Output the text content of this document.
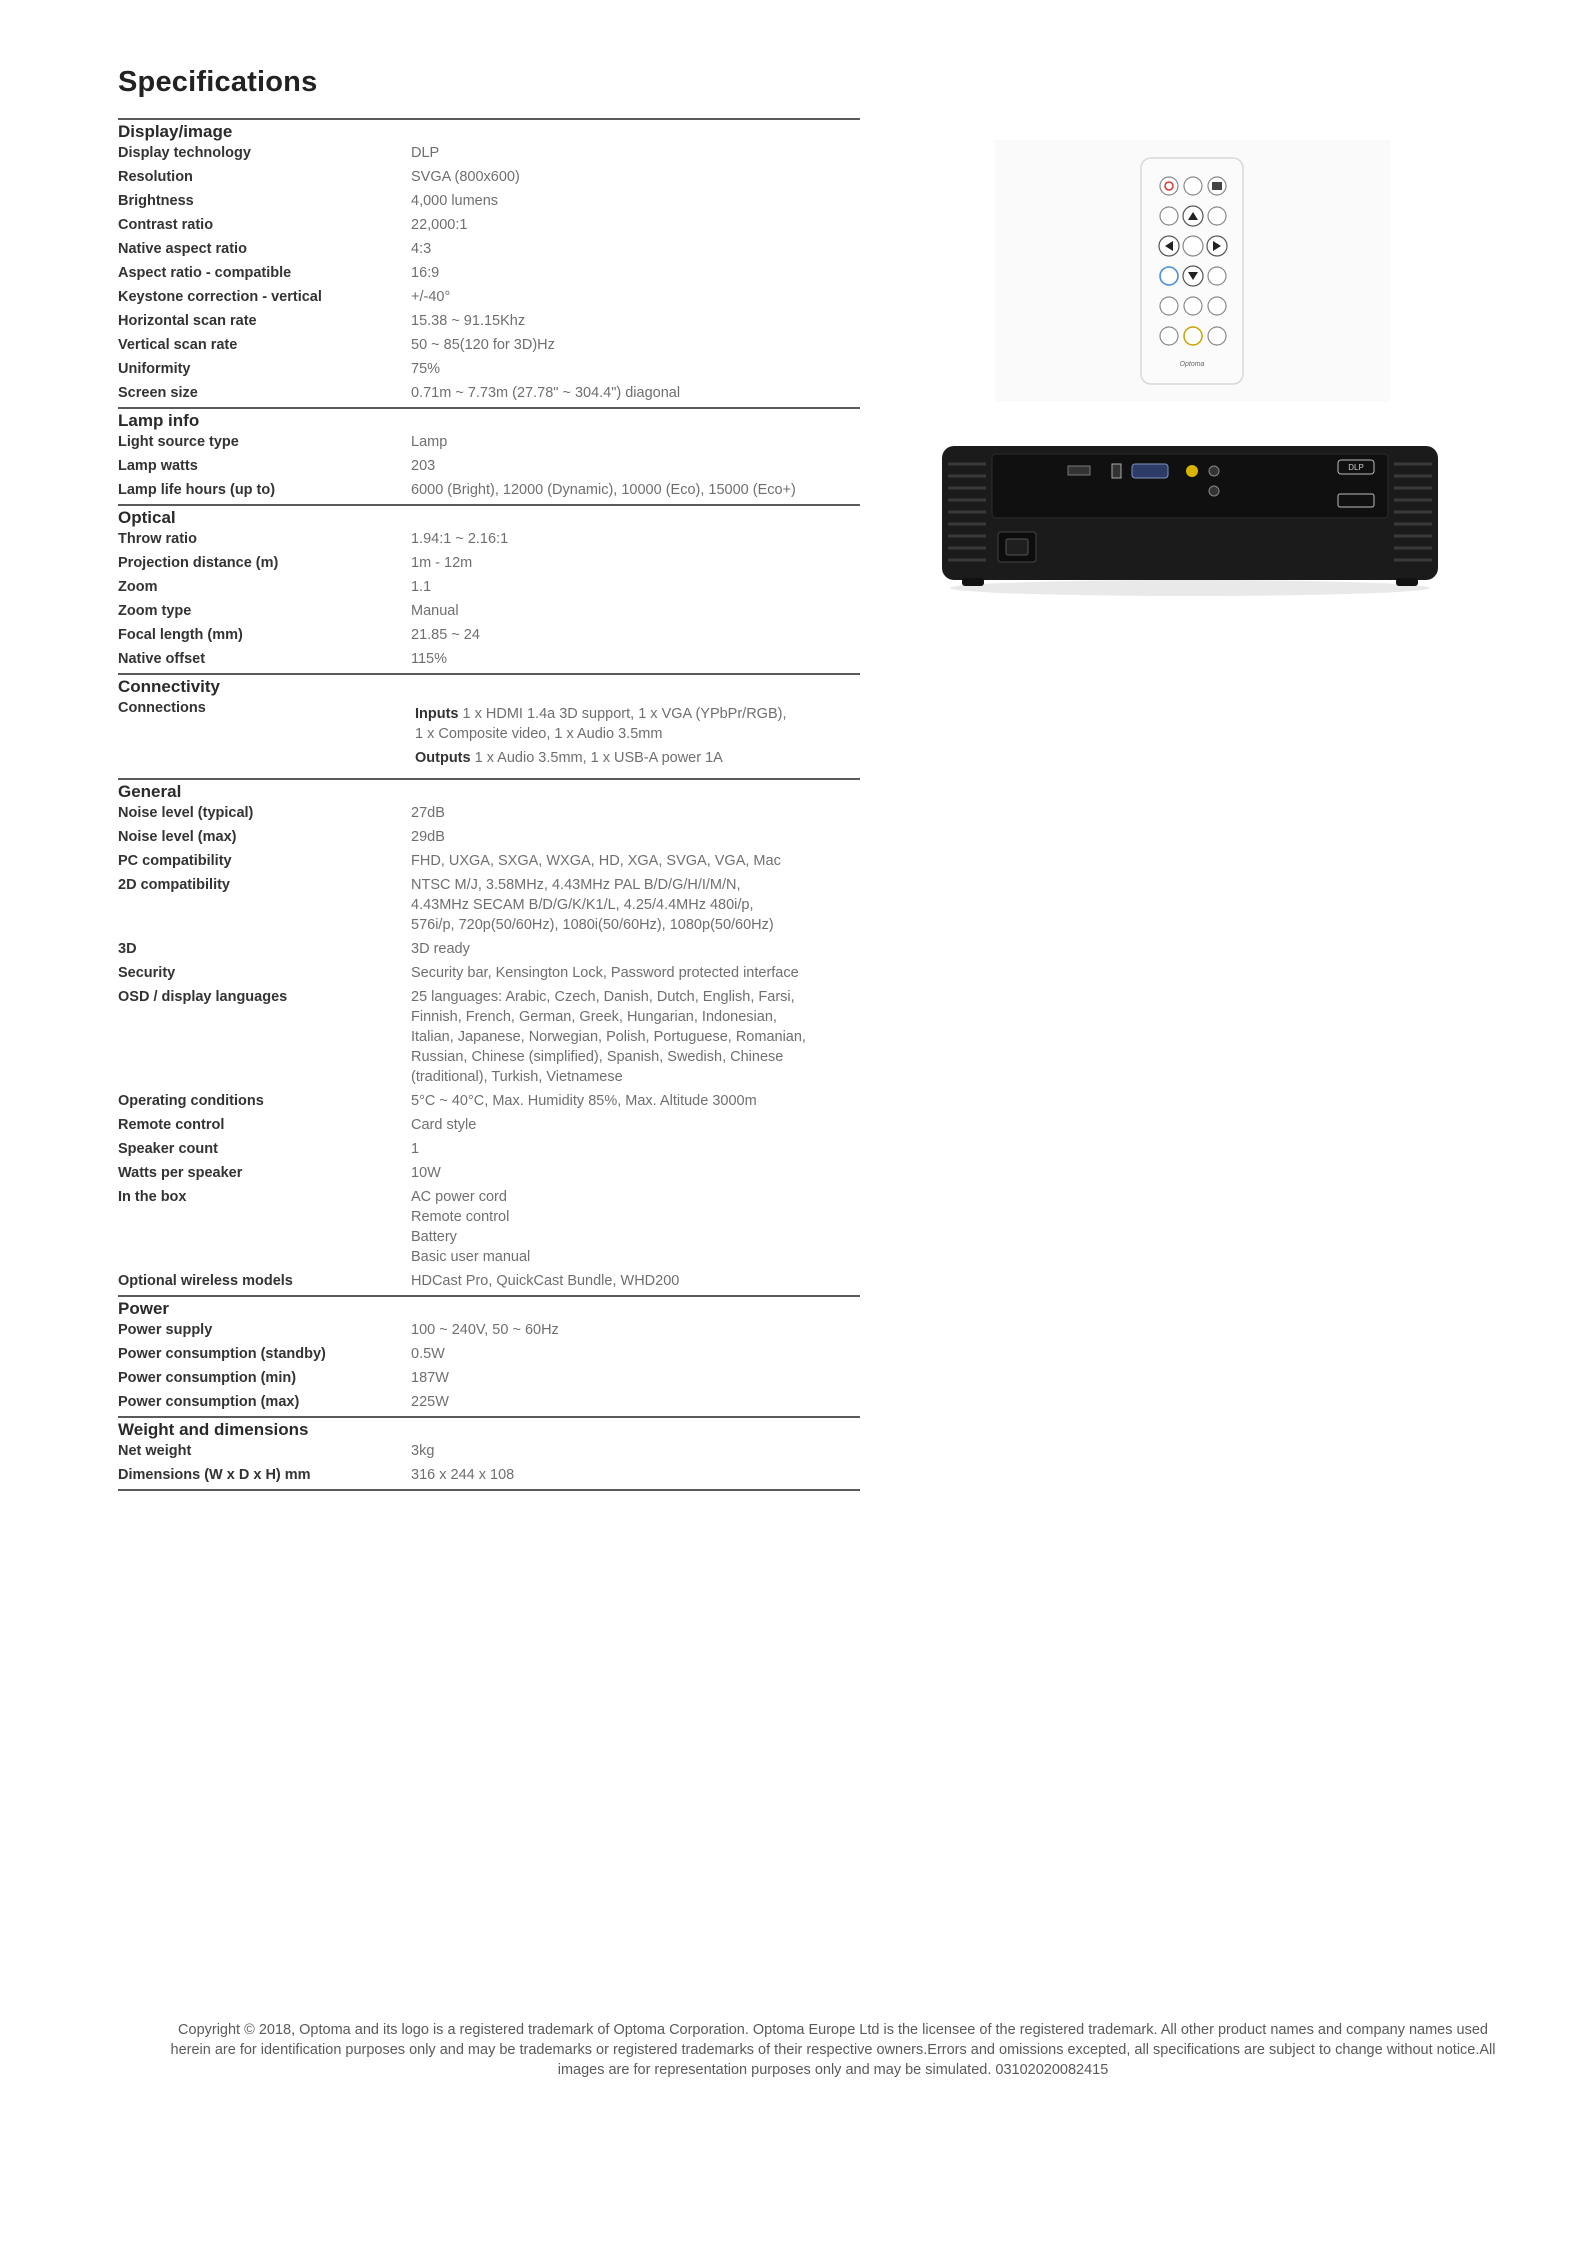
Specifications
Display/image
Display technology	DLP
Resolution	SVGA (800x600)
Brightness	4,000 lumens
Contrast ratio	22,000:1
Native aspect ratio	4:3
Aspect ratio - compatible	16:9
Keystone correction - vertical	+/-40°
Horizontal scan rate	15.38 ~ 91.15Khz
Vertical scan rate	50 ~ 85(120 for 3D)Hz
Uniformity	75%
Screen size	0.71m ~ 7.73m (27.78" ~ 304.4") diagonal
Lamp info
Light source type	Lamp
Lamp watts	203
Lamp life hours (up to)	6000 (Bright), 12000 (Dynamic), 10000 (Eco), 15000 (Eco+)
Optical
Throw ratio	1.94:1 ~ 2.16:1
Projection distance (m)	1m - 12m
Zoom	1.1
Zoom type	Manual
Focal length (mm)	21.85 ~ 24
Native offset	115%
Connectivity
Connections	Inputs 1 x HDMI 1.4a 3D support, 1 x VGA (YPbPr/RGB),
1 x Composite video, 1 x Audio 3.5mm
Outputs 1 x Audio 3.5mm, 1 x USB-A power 1A
General
Noise level (typical)	27dB
Noise level (max)	29dB
PC compatibility	FHD, UXGA, SXGA, WXGA, HD, XGA, SVGA, VGA, Mac
2D compatibility	NTSC M/J, 3.58MHz, 4.43MHz PAL B/D/G/H/I/M/N,
4.43MHz SECAM B/D/G/K/K1/L, 4.25/4.4MHz 480i/p,
576i/p, 720p(50/60Hz), 1080i(50/60Hz), 1080p(50/60Hz)
3D	3D ready
Security	Security bar, Kensington Lock, Password protected interface
OSD / display languages	25 languages: Arabic, Czech, Danish, Dutch, English, Farsi,
Finnish, French, German, Greek, Hungarian, Indonesian,
Italian, Japanese, Norwegian, Polish, Portuguese, Romanian,
Russian, Chinese (simplified), Spanish, Swedish, Chinese
(traditional), Turkish, Vietnamese
Operating conditions	5°C ~ 40°C, Max. Humidity 85%, Max. Altitude 3000m
Remote control	Card style
Speaker count	1
Watts per speaker	10W
In the box	AC power cord
Remote control
Battery
Basic user manual
Optional wireless models	HDCast Pro, QuickCast Bundle, WHD200
Power
Power supply	100 ~ 240V, 50 ~ 60Hz
Power consumption (standby)	0.5W
Power consumption (min)	187W
Power consumption (max)	225W
Weight and dimensions
Net weight	3kg
Dimensions (W x D x H) mm	316 x 244 x 108
Optoma
DLP
Copyright © 2018, Optoma and its logo is a registered trademark of Optoma Corporation. Optoma Europe Ltd is the licensee of the registered trademark. All other product names and company names used
herein are for identification purposes only and may be trademarks or registered trademarks of their respective owners.Errors and omissions excepted, all specifications are subject to change without notice.All
images are for representation purposes only and may be simulated. 03102020082415
